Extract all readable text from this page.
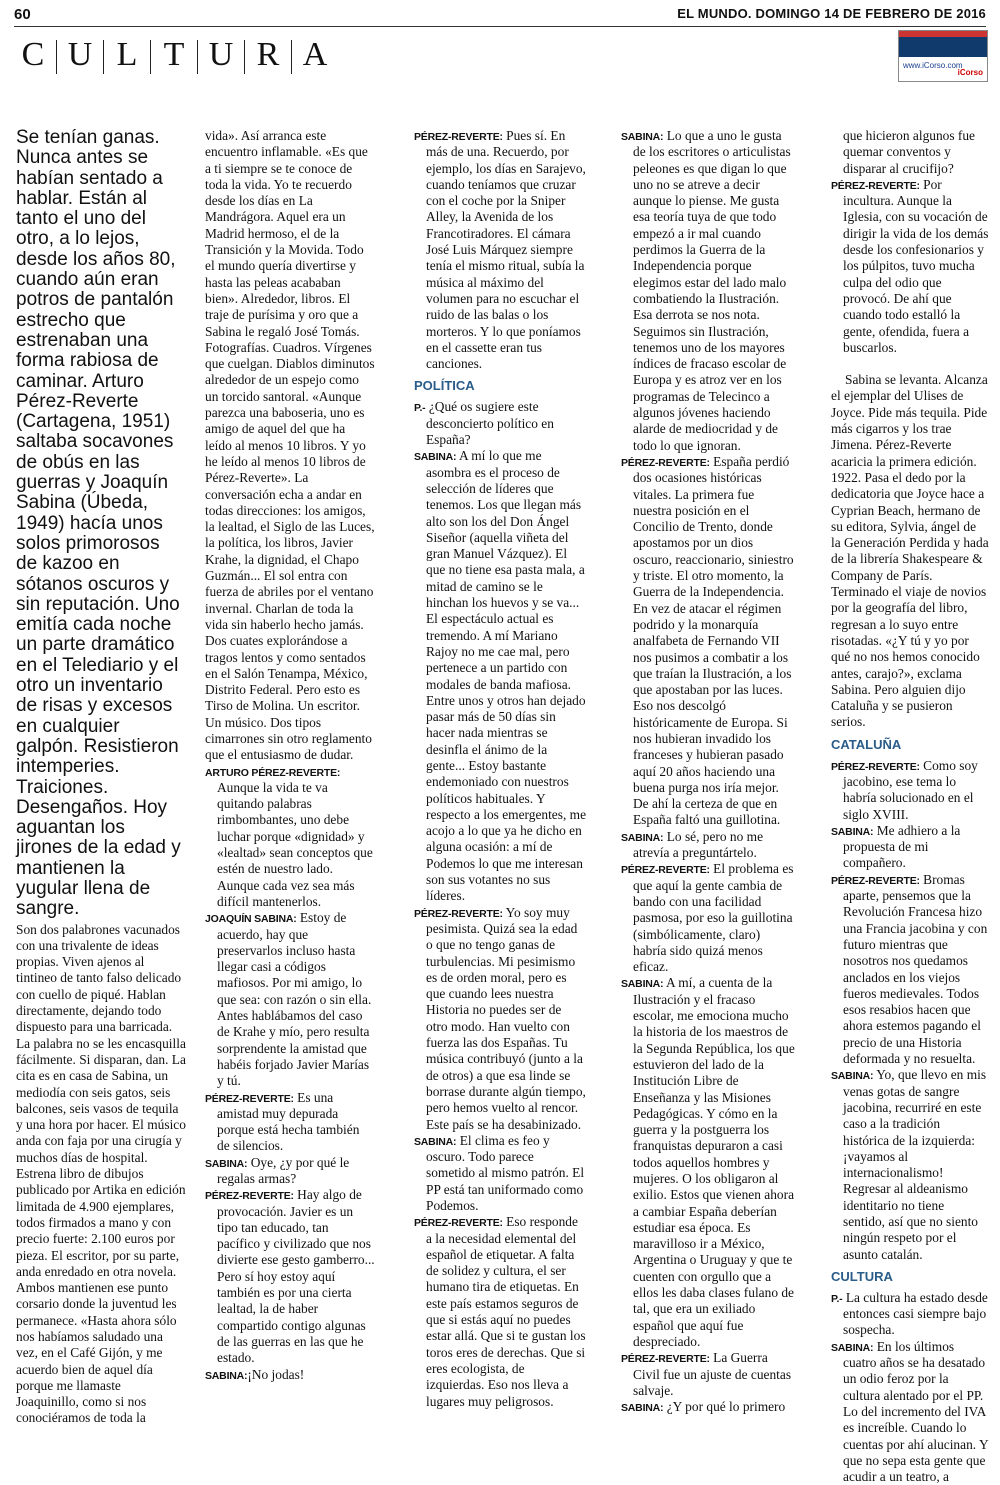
60	EL MUNDO. DOMINGO 14 DE FEBRERO DE 2016
C U L T U R A	www.iCorso.com
iCorso

Se tenían ganas. Nunca antes se habían sentado a hablar. Están al tanto el uno del otro, a lo lejos, desde los años 80, cuando aún eran potros de pantalón estrecho que estrenaban una forma rabiosa de caminar. Arturo Pérez-Reverte (Cartagena, 1951) saltaba socavones de obús en las guerras y Joaquín Sabina (Úbeda, 1949) hacía unos solos primorosos de kazoo en sótanos oscuros y sin reputación. Uno emitía cada noche un parte dramático en el Telediario y el otro un inventario de risas y excesos en cualquier galpón. Resistieron intemperies. Traiciones. Desengaños. Hoy aguantan los jirones de la edad y mantienen la yugular llena de sangre.

Son dos palabrones vacunados con una trivalente de ideas propias. Viven ajenos al tintineo de tanto falso delicado con cuello de piqué. Hablan directamente, dejando todo dispuesto para una barricada. La palabra no se les encasquilla fácilmente. Si disparan, dan. La cita es en casa de Sabina, un mediodía con seis gatos, seis balcones, seis vasos de tequila y una hora por hacer. El músico anda con faja por una cirugía y muchos días de hospital. Estrena libro de dibujos publicado por Artika en edición limitada de 4.900 ejemplares, todos firmados a mano y con precio fuerte: 2.100 euros por pieza. El escritor, por su parte, anda enredado en otra novela. Ambos mantienen ese punto corsario donde la juventud les permanece. «Hasta ahora sólo nos habíamos saludado una vez, en el Café Gijón, y me acuerdo bien de aquel día porque me llamaste Joaquinillo, como si nos conociéramos de toda la

vida». Así arranca este encuentro inflamable. «Es que a ti siempre se te conoce de toda la vida. Yo te recuerdo desde los días en La Mandrágora. Aquel era un Madrid hermoso, el de la Transición y la Movida. Todo el mundo quería divertirse y hasta las peleas acababan bien». Alrededor, libros. El traje de purísima y oro que a Sabina le regaló José Tomás. Fotografías. Cuadros. Vírgenes que cuelgan. Diablos diminutos alrededor de un espejo como un torcido santoral. «Aunque parezca una baboseria, uno es amigo de aquel del que ha leído al menos 10 libros. Y yo he leído al menos 10 libros de Pérez-Reverte». La conversación echa a andar en todas direcciones: los amigos, la lealtad, el Siglo de las Luces, la política, los libros, Javier Krahe, la dignidad, el Chapo Guzmán... El sol entra con fuerza de abriles por el ventano invernal. Charlan de toda la vida sin haberlo hecho jamás. Dos cuates explorándose a tragos lentos y como sentados en el Salón Tenampa, México, Distrito Federal. Pero esto es Tirso de Molina. Un escritor. Un músico. Dos tipos cimarrones sin otro reglamento que el entusiasmo de dudar.

ARTURO PÉREZ-REVERTE: Aunque la vida te va quitando palabras rimbombantes, uno debe luchar porque «dignidad» y «lealtad» sean conceptos que estén de nuestro lado. Aunque cada vez sea más difícil mantenerlos.

JOAQUÍN SABINA: Estoy de acuerdo, hay que preservarlos incluso hasta llegar casi a códigos mafiosos. Por mi amigo, lo que sea: con razón o sin ella. Antes hablábamos del caso de Krahe y mío, pero resulta sorprendente la amistad que habéis forjado Javier Marías y tú.

PÉREZ-REVERTE: Es una amistad muy depurada porque está hecha también de silencios.

SABINA: Oye, ¿y por qué le regalas armas?

PÉREZ-REVERTE: Hay algo de provocación. Javier es un tipo tan educado, tan pacífico y civilizado que nos divierte ese gesto gamberro... Pero sí hoy estoy aquí también es por una cierta lealtad, la de haber compartido contigo algunas de las guerras en las que he estado.

SABINA:¡No jodas!

PÉREZ-REVERTE: Pues sí. En más de una. Recuerdo, por ejemplo, los días en Sarajevo, cuando teníamos que cruzar con el coche por la Sniper Alley, la Avenida de los Francotiradores. El cámara José Luis Márquez siempre tenía el mismo ritual, subía la música al máximo del volumen para no escuchar el ruido de las balas o los morteros. Y lo que poníamos en el cassette eran tus canciones.

POLÍTICA

P.- ¿Qué os sugiere este desconcierto político en España?

SABINA: A mí lo que me asombra es el proceso de selección de líderes que tenemos. Los que llegan más alto son los del Don Ángel Siseñor (aquella viñeta del gran Manuel Vázquez). El que no tiene esa pasta mala, a mitad de camino se le hinchan los huevos y se va... El espectáculo actual es tremendo. A mí Mariano Rajoy no me cae mal, pero pertenece a un partido con modales de banda mafiosa. Entre unos y otros han dejado pasar más de 50 días sin hacer nada mientras se desinfla el ánimo de la gente... Estoy bastante endemoniado con nuestros políticos habituales. Y respecto a los emergentes, me acojo a lo que ya he dicho en alguna ocasión: a mí de Podemos lo que me interesan son sus votantes no sus líderes.

PÉREZ-REVERTE: Yo soy muy pesimista. Quizá sea la edad o que no tengo ganas de turbulencias. Mi pesimismo es de orden moral, pero es que cuando lees nuestra Historia no puedes ser de otro modo. Han vuelto con fuerza las dos Españas. Tu música contribuyó (junto a la de otros) a que esa linde se borrase durante algún tiempo, pero hemos vuelto al rencor. Este país se ha desabinizado.

SABINA: El clima es feo y oscuro. Todo parece sometido al mismo patrón. El PP está tan uniformado como Podemos.

PÉREZ-REVERTE: Eso responde a la necesidad elemental del español de etiquetar. A falta de solidez y cultura, el ser humano tira de etiquetas. En este país estamos seguros de que si estás aquí no puedes estar allá. Que si te gustan los toros eres de derechas. Que si eres ecologista, de izquierdas. Eso nos lleva a lugares muy peligrosos.

SABINA: Lo que a uno le gusta de los escritores o articulistas peleones es que digan lo que uno no se atreve a decir aunque lo piense. Me gusta esa teoría tuya de que todo empezó a ir mal cuando perdimos la Guerra de la Independencia porque elegimos estar del lado malo combatiendo la Ilustración. Esa derrota se nos nota. Seguimos sin Ilustración, tenemos uno de los mayores índices de fracaso escolar de Europa y es atroz ver en los programas de Telecinco a algunos jóvenes haciendo alarde de mediocridad y de todo lo que ignoran.

PÉREZ-REVERTE: España perdió dos ocasiones históricas vitales. La primera fue nuestra posición en el Concilio de Trento, donde apostamos por un dios oscuro, reaccionario, siniestro y triste. El otro momento, la Guerra de la Independencia. En vez de atacar el régimen podrido y la monarquía analfabeta de Fernando VII nos pusimos a combatir a los que traían la Ilustración, a los que apostaban por las luces. Eso nos descolgó históricamente de Europa. Si nos hubieran invadido los franceses y hubieran pasado aquí 20 años haciendo una buena purga nos iría mejor. De ahí la certeza de que en España faltó una guillotina.

SABINA: Lo sé, pero no me atrevía a preguntártelo.

PÉREZ-REVERTE: El problema es que aquí la gente cambia de bando con una facilidad pasmosa, por eso la guillotina (simbólicamente, claro) habría sido quizá menos eficaz.

SABINA: A mí, a cuenta de la Ilustración y el fracaso escolar, me emociona mucho la historia de los maestros de la Segunda República, los que estuvieron del lado de la Institución Libre de Enseñanza y las Misiones Pedagógicas. Y cómo en la guerra y la postguerra los franquistas depuraron a casi todos aquellos hombres y mujeres. O los obligaron al exilio. Estos que vienen ahora a cambiar España deberían estudiar esa época. Es maravilloso ir a México, Argentina o Uruguay y que te cuenten con orgullo que a ellos les daba clases fulano de tal, que era un exiliado español que aquí fue despreciado.

PÉREZ-REVERTE: La Guerra Civil fue un ajuste de cuentas salvaje.

SABINA: ¿Y por qué lo primero

que hicieron algunos fue quemar conventos y disparar al crucifijo?

PÉREZ-REVERTE: Por incultura. Aunque la Iglesia, con su vocación de dirigir la vida de los demás desde los confesionarios y los púlpitos, tuvo mucha culpa del odio que provocó. De ahí que cuando todo estalló la gente, ofendida, fuera a buscarlos.

Sabina se levanta. Alcanza el ejemplar del Ulises de Joyce. Pide más tequila. Pide más cigarros y los trae Jimena. Pérez-Reverte acaricia la primera edición. 1922. Pasa el dedo por la dedicatoria que Joyce hace a Cyprian Beach, hermano de su editora, Sylvia, ángel de la Generación Perdida y hada de la librería Shakespeare & Company de París. Terminado el viaje de novios por la geografía del libro, regresan a lo suyo entre risotadas. «¿Y tú y yo por qué no nos hemos conocido antes, carajo?», exclama Sabina. Pero alguien dijo Cataluña y se pusieron serios.

CATALUÑA

PÉREZ-REVERTE: Como soy jacobino, ese tema lo habría solucionado en el siglo XVIII.

SABINA: Me adhiero a la propuesta de mi compañero.

PÉREZ-REVERTE: Bromas aparte, pensemos que la Revolución Francesa hizo una Francia jacobina y con futuro mientras que nosotros nos quedamos anclados en los viejos fueros medievales. Todos esos resabios hacen que ahora estemos pagando el precio de una Historia deformada y no resuelta.

SABINA: Yo, que llevo en mis venas gotas de sangre jacobina, recurriré en este caso a la tradición histórica de la izquierda: ¡vayamos al internacionalismo! Regresar al aldeanismo identitario no tiene sentido, así que no siento ningún respeto por el asunto catalán.

CULTURA

P.- La cultura ha estado desde entonces casi siempre bajo sospecha.

SABINA: En los últimos cuatro años se ha desatado un odio feroz por la cultura alentado por el PP. Lo del incremento del IVA es increíble. Cuando lo cuentas por ahí alucinan. Y que no sepa esta gente que acudir a un teatro, a
